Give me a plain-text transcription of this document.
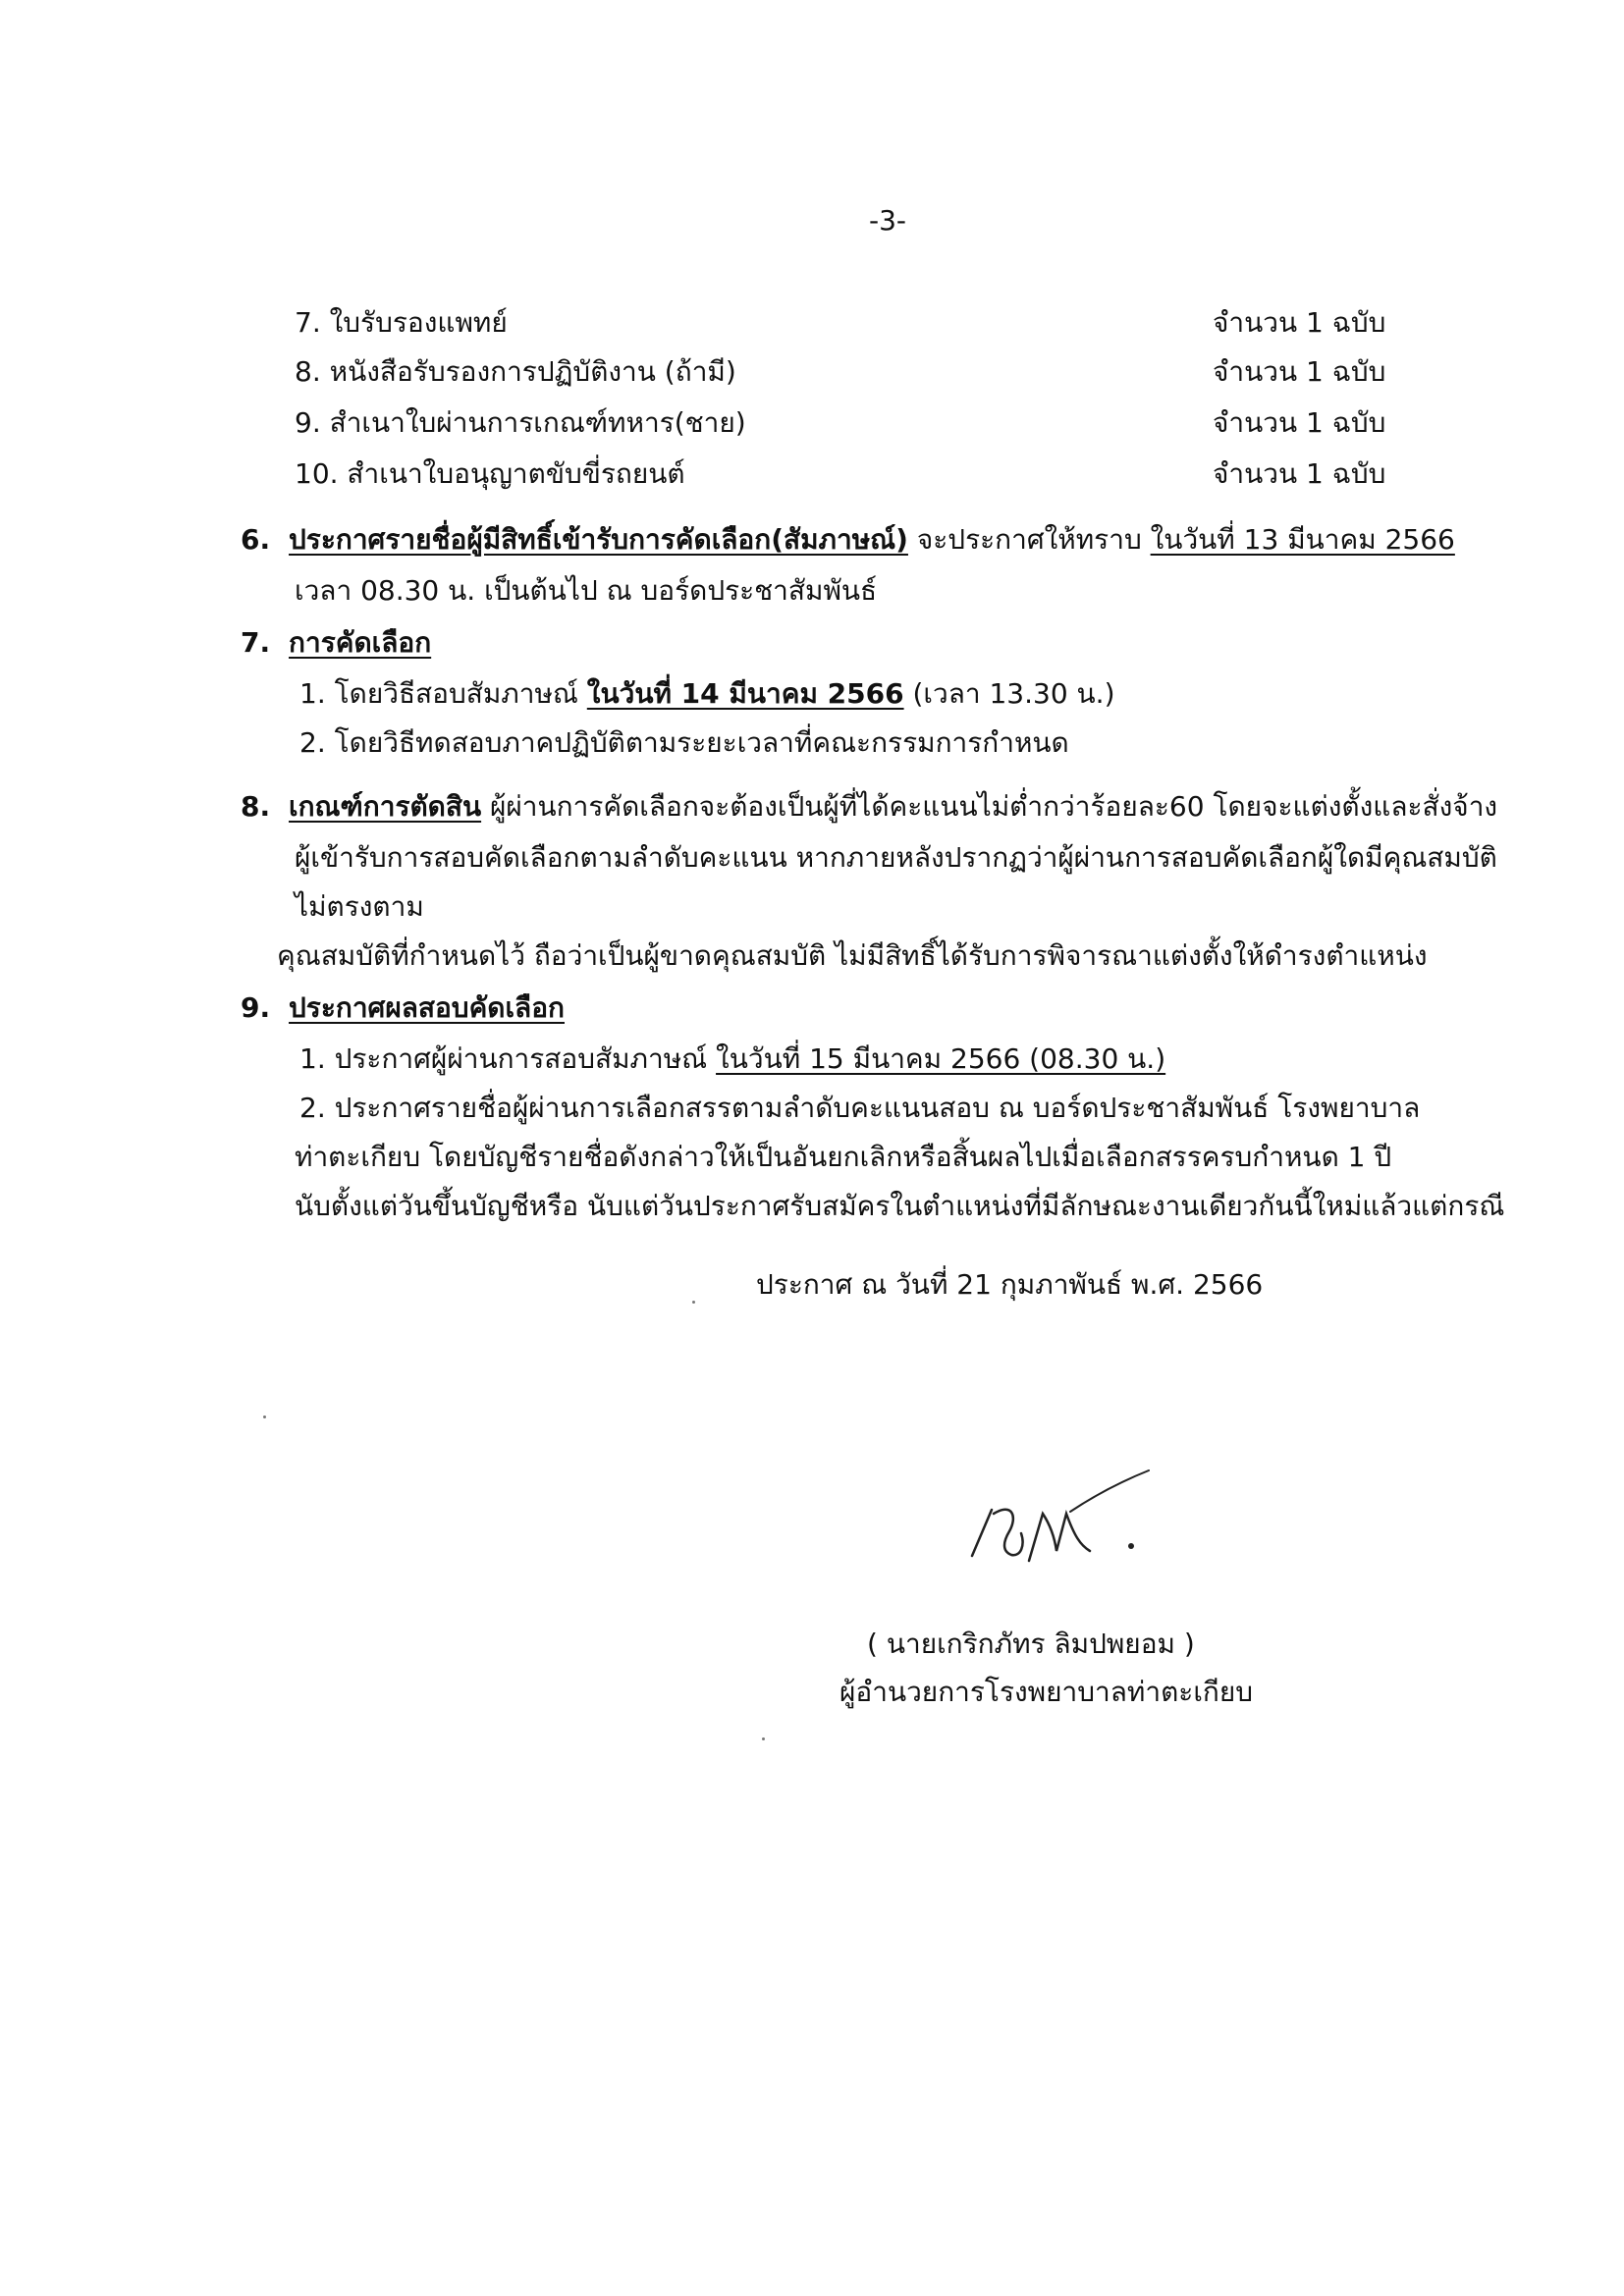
-3-
7. ใบรับรองแพทย์	จำนวน 1 ฉบับ
8. หนังสือรับรองการปฏิบัติงาน (ถ้ามี)	จำนวน 1 ฉบับ
9. สำเนาใบผ่านการเกณฑ์ทหาร(ชาย)	จำนวน 1 ฉบับ
10. สำเนาใบอนุญาตขับขี่รถยนต์	จำนวน 1 ฉบับ
6. ประกาศรายชื่อผู้มีสิทธิ์เข้ารับการคัดเลือก(สัมภาษณ์) จะประกาศให้ทราบ ในวันที่ 13 มีนาคม 2566
เวลา 08.30 น. เป็นต้นไป ณ บอร์ดประชาสัมพันธ์
7. การคัดเลือก
1. โดยวิธีสอบสัมภาษณ์ ในวันที่ 14 มีนาคม 2566 (เวลา 13.30 น.)
2. โดยวิธีทดสอบภาคปฏิบัติตามระยะเวลาที่คณะกรรมการกำหนด
8. เกณฑ์การตัดสิน ผู้ผ่านการคัดเลือกจะต้องเป็นผู้ที่ได้คะแนนไม่ต่ำกว่าร้อยละ60 โดยจะแต่งตั้งและสั่งจ้าง
ผู้เข้ารับการสอบคัดเลือกตามลำดับคะแนน หากภายหลังปรากฏว่าผู้ผ่านการสอบคัดเลือกผู้ใดมีคุณสมบัติ
ไม่ตรงตาม
คุณสมบัติที่กำหนดไว้ ถือว่าเป็นผู้ขาดคุณสมบัติ ไม่มีสิทธิ์ได้รับการพิจารณาแต่งตั้งให้ดำรงตำแหน่ง
9. ประกาศผลสอบคัดเลือก
1. ประกาศผู้ผ่านการสอบสัมภาษณ์ ในวันที่ 15 มีนาคม 2566 (08.30 น.)
2. ประกาศรายชื่อผู้ผ่านการเลือกสรรตามลำดับคะแนนสอบ ณ บอร์ดประชาสัมพันธ์ โรงพยาบาล
ท่าตะเกียบ โดยบัญชีรายชื่อดังกล่าวให้เป็นอันยกเลิกหรือสิ้นผลไปเมื่อเลือกสรรครบกำหนด 1 ปี
นับตั้งแต่วันขึ้นบัญชีหรือ นับแต่วันประกาศรับสมัครในตำแหน่งที่มีลักษณะงานเดียวกันนี้ใหม่แล้วแต่กรณี
ประกาศ ณ วันที่ 21 กุมภาพันธ์ พ.ศ. 2566
( นายเกริกภัทร ลิมปพยอม )
ผู้อำนวยการโรงพยาบาลท่าตะเกียบ
